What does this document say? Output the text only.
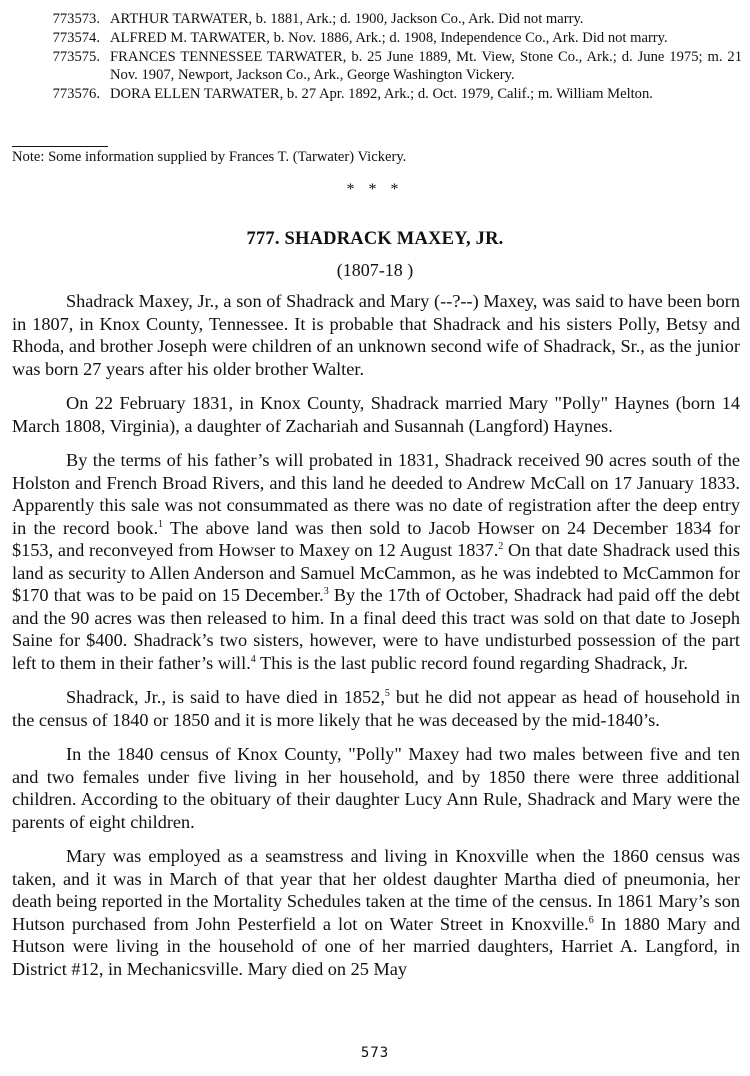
773573. ARTHUR TARWATER, b. 1881, Ark.; d. 1900, Jackson Co., Ark. Did not marry.
773574. ALFRED M. TARWATER, b. Nov. 1886, Ark.; d. 1908, Independence Co., Ark. Did not marry.
773575. FRANCES TENNESSEE TARWATER, b. 25 June 1889, Mt. View, Stone Co., Ark.; d. June 1975; m. 21 Nov. 1907, Newport, Jackson Co., Ark., George Washington Vickery.
773576. DORA ELLEN TARWATER, b. 27 Apr. 1892, Ark.; d. Oct. 1979, Calif.; m. William Melton.
Note: Some information supplied by Frances T. (Tarwater) Vickery.
* * *
777. SHADRACK MAXEY, JR.
(1807-18 )

Shadrack Maxey, Jr., a son of Shadrack and Mary (--?--) Maxey, was said to have been born in 1807, in Knox County, Tennessee. It is probable that Shadrack and his sisters Polly, Betsy and Rhoda, and brother Joseph were children of an unknown second wife of Shadrack, Sr., as the junior was born 27 years after his older brother Walter.

On 22 February 1831, in Knox County, Shadrack married Mary "Polly" Haynes (born 14 March 1808, Virginia), a daughter of Zachariah and Susannah (Langford) Haynes.

By the terms of his father’s will probated in 1831, Shadrack received 90 acres south of the Holston and French Broad Rivers, and this land he deeded to Andrew McCall on 17 January 1833. Apparently this sale was not consummated as there was no date of registration after the deep entry in the record book.$^1$ The above land was then sold to Jacob Howser on 24 December 1834 for $153, and reconveyed from Howser to Maxey on 12 August 1837.$^2$ On that date Shadrack used this land as security to Allen Anderson and Samuel McCammon, as he was indebted to McCammon for $170 that was to be paid on 15 December.$^3$ By the 17th of October, Shadrack had paid off the debt and the 90 acres was then released to him. In a final deed this tract was sold on that date to Joseph Saine for $400. Shadrack’s two sisters, however, were to have undisturbed possession of the part left to them in their father’s will.$^4$ This is the last public record found regarding Shadrack, Jr.

Shadrack, Jr., is said to have died in 1852,$^5$ but he did not appear as head of household in the census of 1840 or 1850 and it is more likely that he was deceased by the mid-1840’s.

In the 1840 census of Knox County, "Polly" Maxey had two males between five and ten and two females under five living in her household, and by 1850 there were three additional children. According to the obituary of their daughter Lucy Ann Rule, Shadrack and Mary were the parents of eight children.

Mary was employed as a seamstress and living in Knoxville when the 1860 census was taken, and it was in March of that year that her oldest daughter Martha died of pneumonia, her death being reported in the Mortality Schedules taken at the time of the census. In 1861 Mary’s son Hutson purchased from John Pesterfield a lot on Water Street in Knoxville.$^6$ In 1880 Mary and Hutson were living in the household of one of her married daughters, Harriet A. Langford, in District #12, in Mechanicsville. Mary died on 25 May

573
